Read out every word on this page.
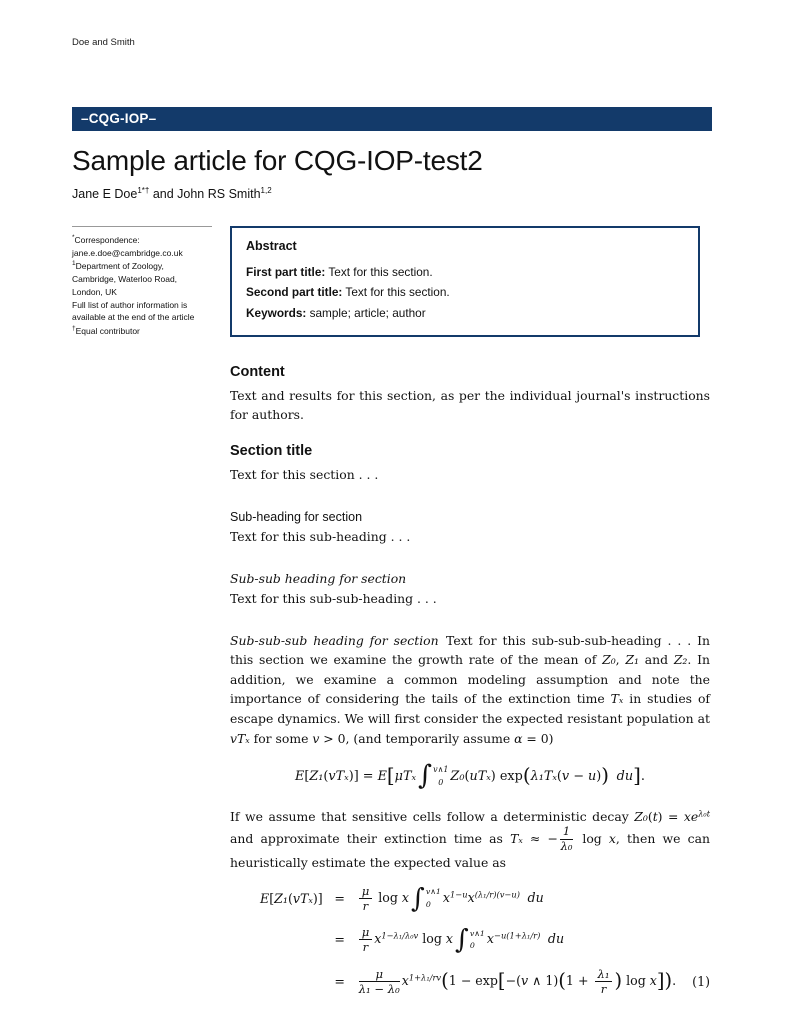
Doe and Smith
–CQG-IOP–
Sample article for CQG-IOP-test2
Jane E Doe$^{1*\dagger}$ and John RS Smith$^{1,2}$
*Correspondence:
jane.e.doe@cambridge.co.uk
$^1$Department of Zoology,
Cambridge, Waterloo Road,
London, UK
Full list of author information is
available at the end of the article
†Equal contributor
Abstract
First part title: Text for this section.
Second part title: Text for this section.
Keywords: sample; article; author
Content

Text and results for this section, as per the individual journal's instructions for authors.

Section title

Text for this section . . .

Sub-heading for section

Text for this sub-heading . . .

Sub-sub heading for section

Text for this sub-sub-heading . . .

Sub-sub-sub heading for section Text for this sub-sub-sub-heading . . . In this section we examine the growth rate of the mean of Z₀, Z₁ and Z₂. In addition, we examine a common modeling assumption and note the importance of considering the tails of the extinction time Tₓ in studies of escape dynamics. We will first consider the expected resistant population at vTₓ for some v > 0, (and temporarily assume α = 0)

E[Z₁(vTₓ)] = E[μTₓ∫ v∧1
0 Z₀(uTₓ) exp(λ₁Tₓ(v − u)) du].

If we assume that sensitive cells follow a deterministic decay $Z_0(t) = xe^{\lambda_0t}$ and approximate their extinction time as Tₓ ≈ − $\frac{1}{\text{λ₀}}$ log x, then we can heuristically estimate the expected value as

$E[Z_1(vT_x)] = \frac{\mu}{r}$ log x∫ v∧1
0 $x^{1-u}x^{(\lambda_1/r)(v-u)}$ du
= $\frac{\mu}{r} x^{1-\lambda_1/\lambda_0v}$ log x∫ v∧1
0 $x^{-u(1+\lambda_1/r)}$ du
= $\frac{\mu}{\text{λ₁ − λ₀}} x^{1+\lambda_1/rv}(1 - \exp[-(v$ ∧ $1)(1 + \frac{\text{λ₁}}{r}$ ) log x]). (1)
